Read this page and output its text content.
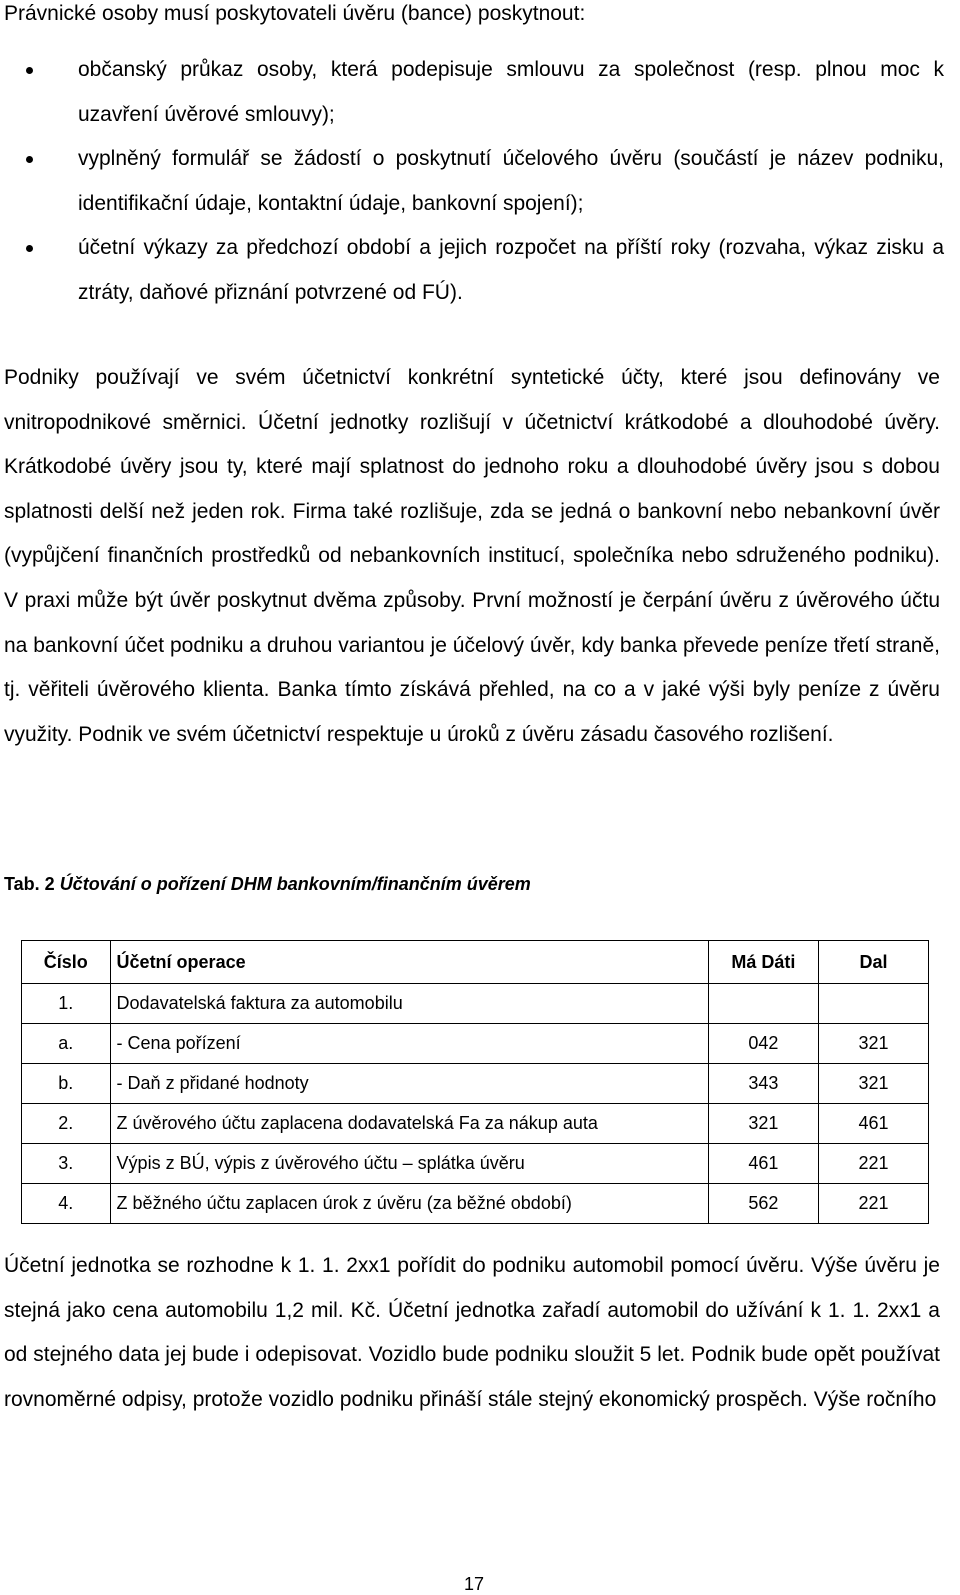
Právnické osoby musí poskytovateli úvěru (bance) poskytnout:
občanský průkaz osoby, která podepisuje smlouvu za společnost (resp. plnou moc k uzavření úvěrové smlouvy);
vyplněný formulář se žádostí o poskytnutí účelového úvěru (součástí je název podniku, identifikační údaje, kontaktní údaje, bankovní spojení);
účetní výkazy za předchozí období a jejich rozpočet na příští roky (rozvaha, výkaz zisku a ztráty, daňové přiznání potvrzené od FÚ).

Podniky používají ve svém účetnictví konkrétní syntetické účty, které jsou definovány ve vnitropodnikové směrnici. Účetní jednotky rozlišují v účetnictví krátkodobé a dlouhodobé úvěry. Krátkodobé úvěry jsou ty, které mají splatnost do jednoho roku a dlouhodobé úvěry jsou s dobou splatnosti delší než jeden rok. Firma také rozlišuje, zda se jedná o bankovní nebo nebankovní úvěr (vypůjčení finančních prostředků od nebankovních institucí, společníka nebo sdruženého podniku). V praxi může být úvěr poskytnut dvěma způsoby. První možností je čerpání úvěru z úvěrového účtu na bankovní účet podniku a druhou variantou je účelový úvěr, kdy banka převede peníze třetí straně, tj. věřiteli úvěrového klienta. Banka tímto získává přehled, na co a v jaké výši byly peníze z úvěru využity. Podnik ve svém účetnictví respektuje u úroků z úvěru zásadu časového rozlišení.

Tab. 2 Účtování o pořízení DHM bankovním/finančním úvěrem
Číslo	Účetní operace	Má Dáti	Dal
1.	Dodavatelská faktura za automobilu		
a.	- Cena pořízení	042	321
b.	- Daň z přidané hodnoty	343	321
2.	Z úvěrového účtu zaplacena dodavatelská Fa za nákup auta	321	461
3.	Výpis z BÚ, výpis z úvěrového účtu – splátka úvěru	461	221
4.	Z běžného účtu zaplacen úrok z úvěru (za běžné období)	562	221

Účetní jednotka se rozhodne k 1. 1. 2xx1 pořídit do podniku automobil pomocí úvěru. Výše úvěru je stejná jako cena automobilu 1,2 mil. Kč. Účetní jednotka zařadí automobil do užívání k 1. 1. 2xx1 a od stejného data jej bude i odepisovat. Vozidlo bude podniku sloužit 5 let. Podnik bude opět používat rovnoměrné odpisy, protože vozidlo podniku přináší stále stejný ekonomický prospěch. Výše ročního

17
